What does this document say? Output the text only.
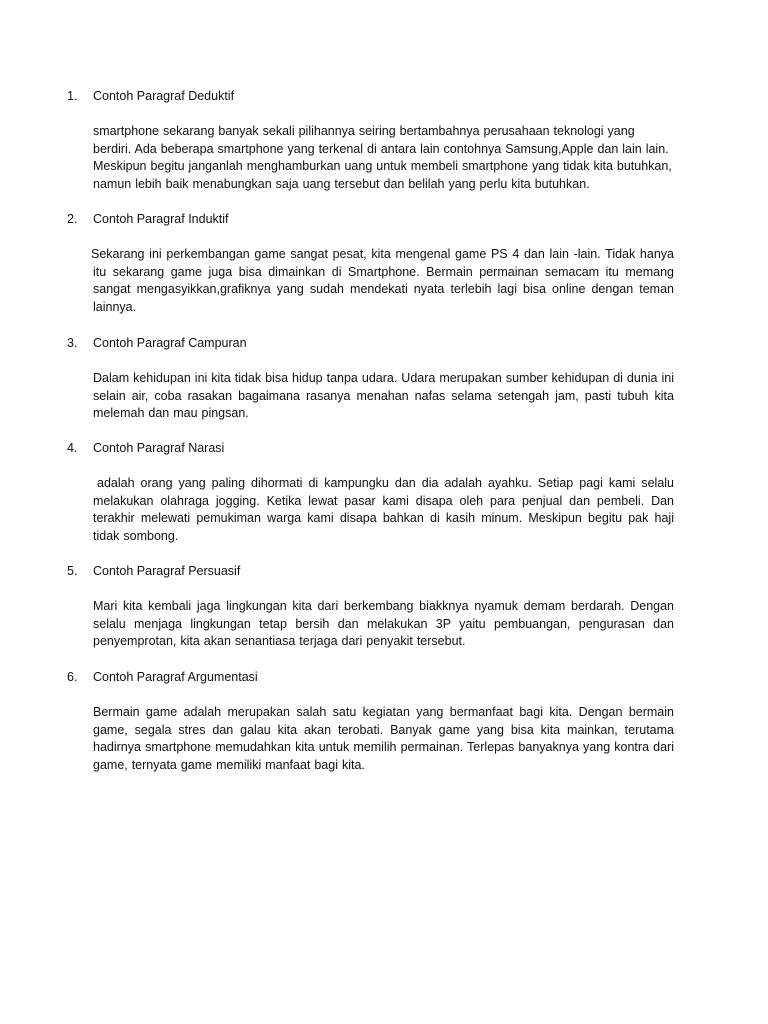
1.	Contoh Paragraf Deduktif
smartphone sekarang banyak sekali pilihannya seiring bertambahnya perusahaan teknologi yang berdiri. Ada beberapa smartphone yang terkenal di antara lain contohnya Samsung,Apple dan lain lain. Meskipun begitu janganlah menghamburkan uang untuk membeli smartphone yang tidak kita butuhkan, namun lebih baik menabungkan saja uang tersebut dan belilah yang perlu kita butuhkan.
2.	Contoh Paragraf Induktif
Sekarang ini perkembangan game sangat pesat, kita mengenal game PS 4 dan lain -lain. Tidak hanya itu sekarang game juga bisa dimainkan di Smartphone. Bermain permainan semacam itu memang sangat mengasyikkan,grafiknya yang sudah mendekati nyata terlebih lagi bisa online dengan teman lainnya.
3.	Contoh Paragraf Campuran
Dalam kehidupan ini kita tidak bisa hidup tanpa udara. Udara merupakan sumber kehidupan di dunia ini selain air, coba rasakan bagaimana rasanya menahan nafas selama setengah jam, pasti tubuh kita melemah dan mau pingsan.
4.	Contoh Paragraf Narasi
adalah orang yang paling dihormati di kampungku dan dia adalah ayahku. Setiap pagi kami selalu melakukan olahraga jogging. Ketika lewat pasar kami disapa oleh para penjual dan pembeli. Dan terakhir melewati pemukiman warga kami disapa bahkan di kasih minum. Meskipun begitu pak haji tidak sombong.
5.	Contoh Paragraf Persuasif
Mari kita kembali jaga lingkungan kita dari berkembang biakknya nyamuk demam berdarah. Dengan selalu menjaga lingkungan tetap bersih dan melakukan 3P yaitu pembuangan, pengurasan dan penyemprotan, kita akan senantiasa terjaga dari penyakit tersebut.
6.	Contoh Paragraf Argumentasi
Bermain game adalah merupakan salah satu kegiatan yang bermanfaat bagi kita. Dengan bermain game, segala stres dan galau kita akan terobati. Banyak game yang bisa kita mainkan, terutama hadirnya smartphone memudahkan kita untuk memilih permainan. Terlepas banyaknya yang kontra dari game, ternyata game memiliki manfaat bagi kita.
